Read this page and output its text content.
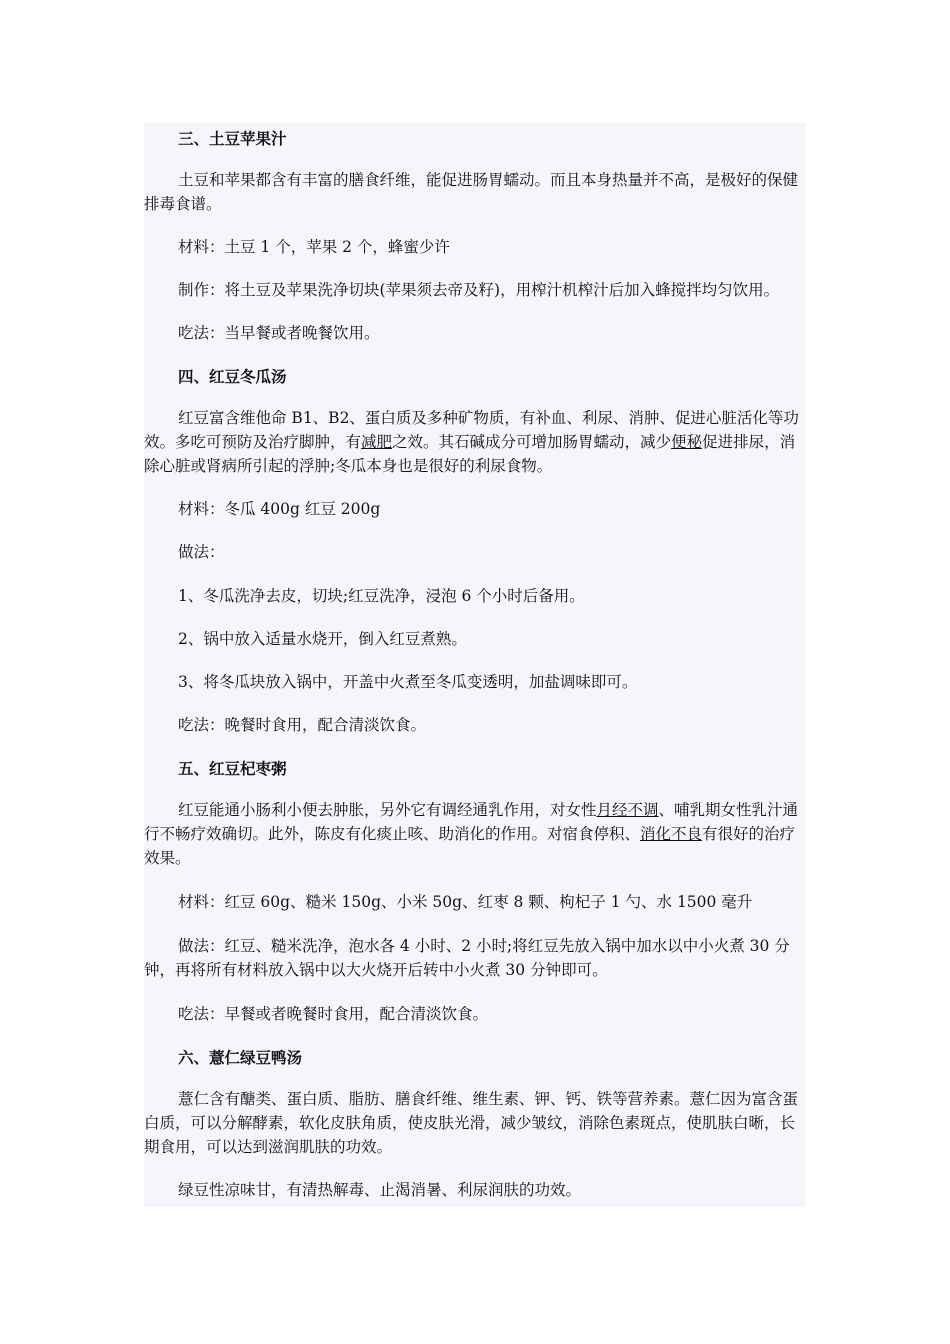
三、土豆苹果汁

土豆和苹果都含有丰富的膳食纤维，能促进肠胃蠕动。而且本身热量并不高，是极好的保健排毒食谱。

材料：土豆 1 个，苹果 2 个，蜂蜜少许

制作：将土豆及苹果洗净切块(苹果须去帝及籽)，用榨汁机榨汁后加入蜂搅拌均匀饮用。

吃法：当早餐或者晚餐饮用。

四、红豆冬瓜汤

红豆富含维他命 B1、B2、蛋白质及多种矿物质，有补血、利尿、消肿、促进心脏活化等功效。多吃可预防及治疗脚肿，有减肥之效。其石碱成分可增加肠胃蠕动，减少便秘促进排尿，消除心脏或肾病所引起的浮肿;冬瓜本身也是很好的利尿食物。

材料：冬瓜 400g 红豆 200g

做法：

1、冬瓜洗净去皮，切块;红豆洗净，浸泡 6 个小时后备用。

2、锅中放入适量水烧开，倒入红豆煮熟。

3、将冬瓜块放入锅中，开盖中火煮至冬瓜变透明，加盐调味即可。

吃法：晚餐时食用，配合清淡饮食。

五、红豆杞枣粥

红豆能通小肠利小便去肿胀，另外它有调经通乳作用，对女性月经不调、哺乳期女性乳汁通行不畅疗效确切。此外，陈皮有化痰止咳、助消化的作用。对宿食停积、消化不良有很好的治疗效果。

材料：红豆 60g、糙米 150g、小米 50g、红枣 8 颗、枸杞子 1 勺、水 1500 毫升

做法：红豆、糙米洗净，泡水各 4 小时、2 小时;将红豆先放入锅中加水以中小火煮 30 分钟，再将所有材料放入锅中以大火烧开后转中小火煮 30 分钟即可。

吃法：早餐或者晚餐时食用，配合清淡饮食。

六、薏仁绿豆鸭汤

薏仁含有醣类、蛋白质、脂肪、膳食纤维、维生素、钾、钙、铁等营养素。薏仁因为富含蛋白质，可以分解酵素，软化皮肤角质，使皮肤光滑，减少皱纹，消除色素斑点，使肌肤白晰，长期食用，可以达到滋润肌肤的功效。

绿豆性凉味甘，有清热解毒、止渴消暑、利尿润肤的功效。
